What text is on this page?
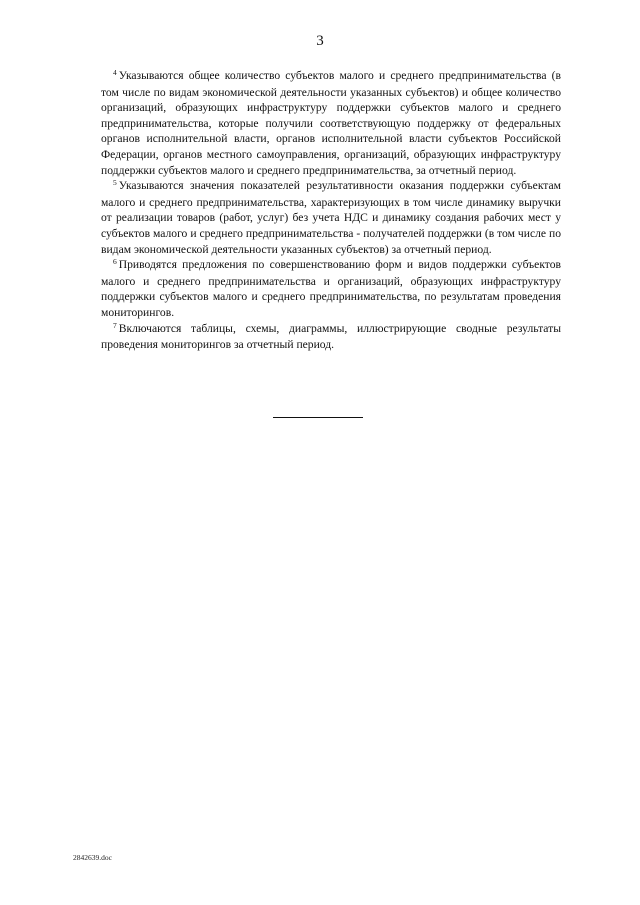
3

$^4$ Указываются общее количество субъектов малого и среднего предпринимательства (в том числе по видам экономической деятельности указанных субъектов) и общее количество организаций, образующих инфраструктуру поддержки субъектов малого и среднего предпринимательства, которые получили соответствующую поддержку от федеральных органов исполнительной власти, органов исполнительной власти субъектов Российской Федерации, органов местного самоуправления, организаций, образующих инфраструктуру поддержки субъектов малого и среднего предпринимательства, за отчетный период.

$^5$ Указываются значения показателей результативности оказания поддержки субъектам малого и среднего предпринимательства, характеризующих в том числе динамику выручки от реализации товаров (работ, услуг) без учета НДС и динамику создания рабочих мест у субъектов малого и среднего предпринимательства - получателей поддержки (в том числе по видам экономической деятельности указанных субъектов) за отчетный период.

$^6$ Приводятся предложения по совершенствованию форм и видов поддержки субъектов малого и среднего предпринимательства и организаций, образующих инфраструктуру поддержки субъектов малого и среднего предпринимательства, по результатам проведения мониторингов.

$^7$ Включаются таблицы, схемы, диаграммы, иллюстрирующие сводные результаты проведения мониторингов за отчетный период.

2842639.doc
